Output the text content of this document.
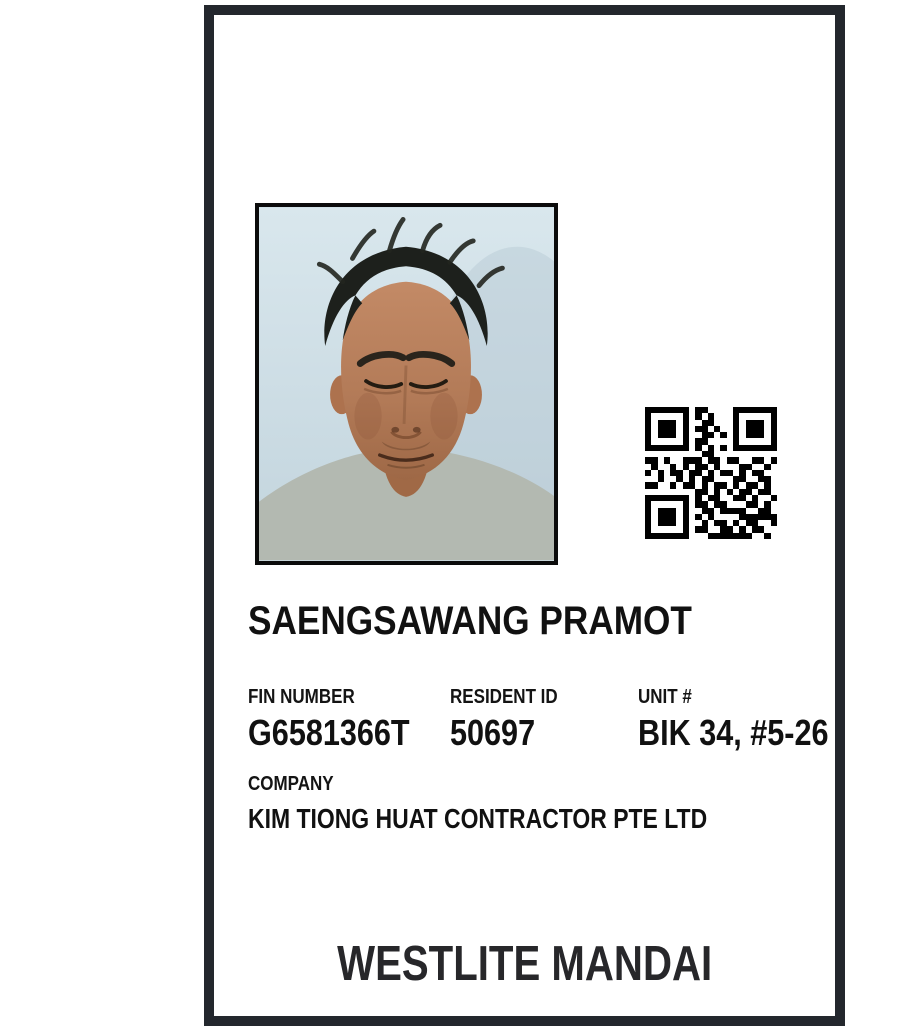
SAENGSAWANG PRAMOT
FIN NUMBER	RESIDENT ID	UNIT #
G6581366T	50697	BIK 34, #5-26
COMPANY
KIM TIONG HUAT CONTRACTOR PTE LTD
WESTLITE MANDAI
